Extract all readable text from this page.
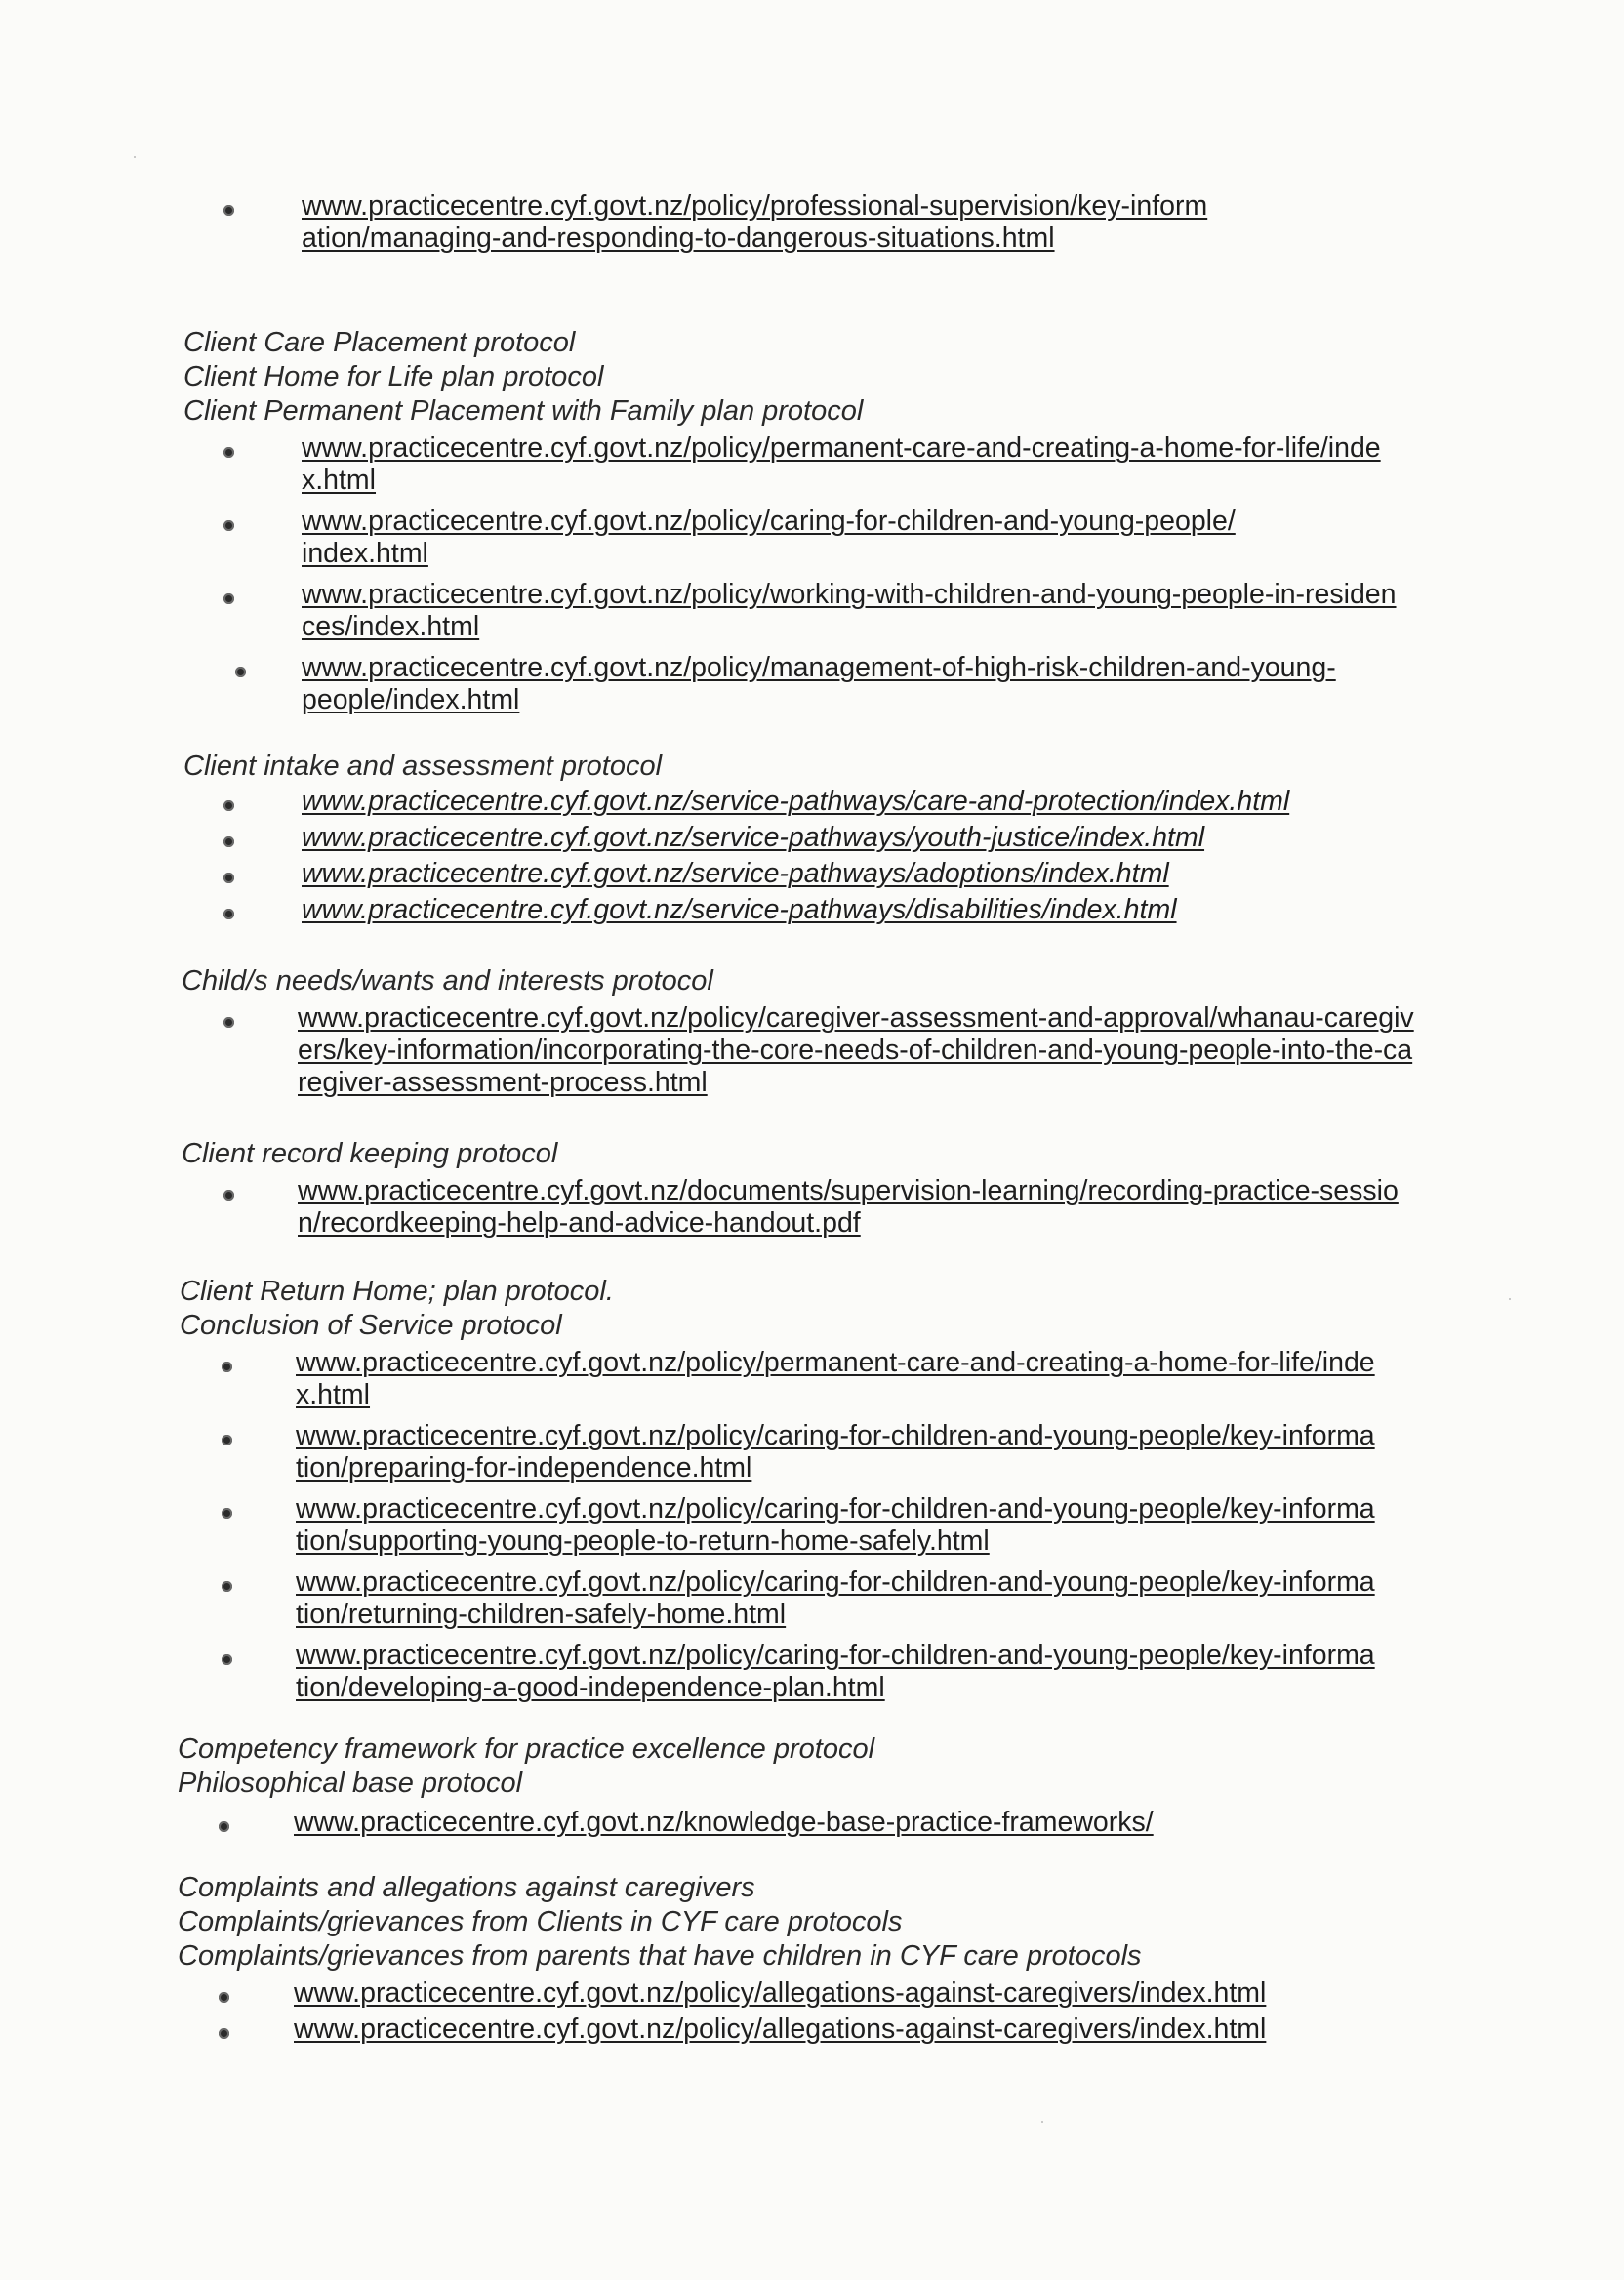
www.practicecentre.cyf.govt.nz/policy/professional-supervision/key-information/managing-and-responding-to-dangerous-situations.html

Client Care Placement protocol

Client Home for Life plan protocol

Client Permanent Placement with Family plan protocol

www.practicecentre.cyf.govt.nz/policy/permanent-care-and-creating-a-home-for-life/index.html
www.practicecentre.cyf.govt.nz/policy/caring-for-children-and-young-people/index.html
www.practicecentre.cyf.govt.nz/policy/working-with-children-and-young-people-in-residences/index.html
www.practicecentre.cyf.govt.nz/policy/management-of-high-risk-children-and-young-people/index.html

Client intake and assessment protocol

www.practicecentre.cyf.govt.nz/service-pathways/care-and-protection/index.html
www.practicecentre.cyf.govt.nz/service-pathways/youth-justice/index.html
www.practicecentre.cyf.govt.nz/service-pathways/adoptions/index.html
www.practicecentre.cyf.govt.nz/service-pathways/disabilities/index.html

Child/s needs/wants and interests protocol

www.practicecentre.cyf.govt.nz/policy/caregiver-assessment-and-approval/whanau-caregivers/key-information/incorporating-the-core-needs-of-children-and-young-people-into-the-caregiver-assessment-process.html

Client record keeping protocol

www.practicecentre.cyf.govt.nz/documents/supervision-learning/recording-practice-session/recordkeeping-help-and-advice-handout.pdf

Client Return Home; plan protocol.

Conclusion of Service protocol

www.practicecentre.cyf.govt.nz/policy/permanent-care-and-creating-a-home-for-life/index.html
www.practicecentre.cyf.govt.nz/policy/caring-for-children-and-young-people/key-information/preparing-for-independence.html
www.practicecentre.cyf.govt.nz/policy/caring-for-children-and-young-people/key-information/supporting-young-people-to-return-home-safely.html
www.practicecentre.cyf.govt.nz/policy/caring-for-children-and-young-people/key-information/returning-children-safely-home.html
www.practicecentre.cyf.govt.nz/policy/caring-for-children-and-young-people/key-information/developing-a-good-independence-plan.html

Competency framework for practice excellence protocol

Philosophical base protocol

www.practicecentre.cyf.govt.nz/knowledge-base-practice-frameworks/

Complaints and allegations against caregivers

Complaints/grievances from Clients in CYF care protocols

Complaints/grievances from parents that have children in CYF care protocols

www.practicecentre.cyf.govt.nz/policy/allegations-against-caregivers/index.html
www.practicecentre.cyf.govt.nz/policy/allegations-against-caregivers/index.html
